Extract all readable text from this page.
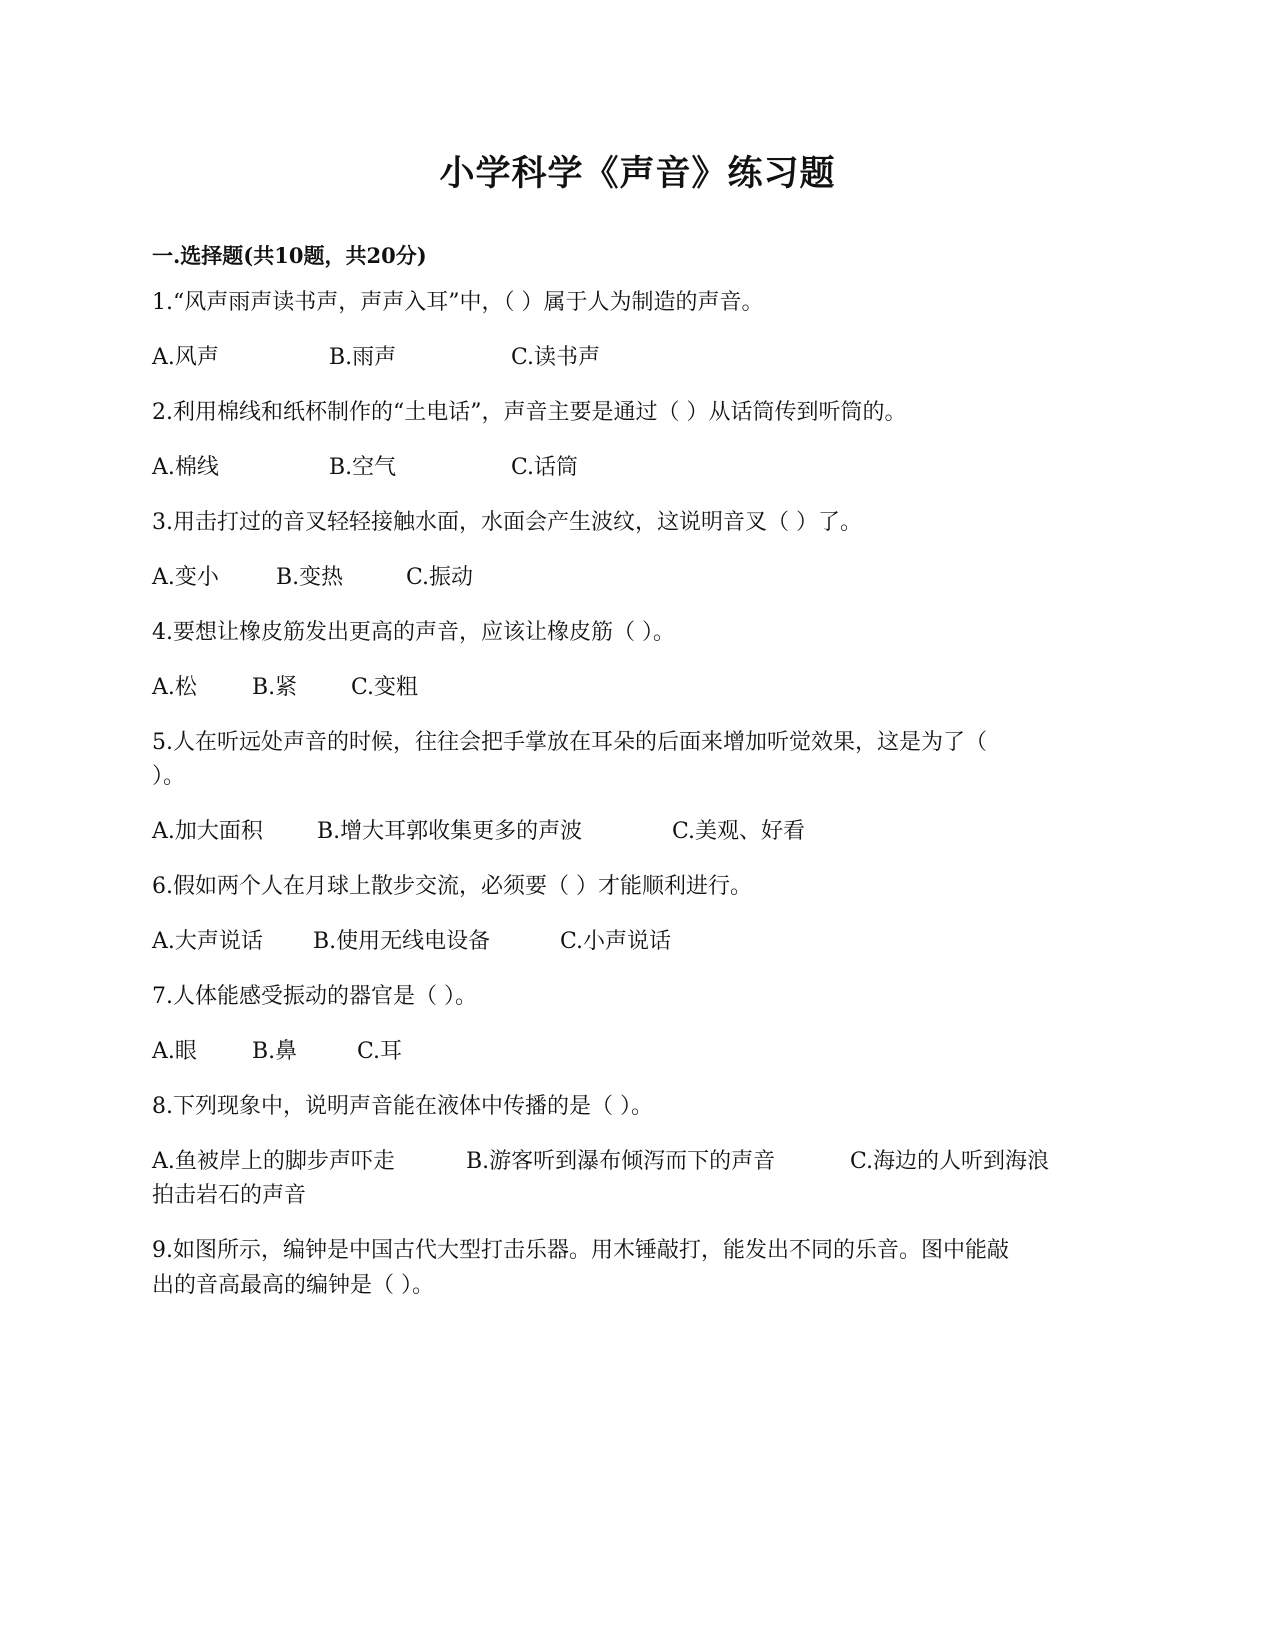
小学科学《声音》练习题
一.选择题(共10题，共20分)
1.“风声雨声读书声，声声入耳”中，（ ）属于人为制造的声音。
A.风声	B.雨声	C.读书声
2.利用棉线和纸杯制作的“土电话”，声音主要是通过（ ）从话筒传到听筒的。
A.棉线	B.空气	C.话筒
3.用击打过的音叉轻轻接触水面，水面会产生波纹，这说明音叉（ ）了。
A.变小	B.变热	C.振动
4.要想让橡皮筋发出更高的声音，应该让橡皮筋（ ）。
A.松	B.紧 C.变粗
5.人在听远处声音的时候，往往会把手掌放在耳朵的后面来增加听觉效果，这是为了（
）。
A.加大面积 B.增大耳郭收集更多的声波	C.美观、好看
6.假如两个人在月球上散步交流，必须要（ ）才能顺利进行。
A.大声说话 B.使用无线电设备	C.小声说话
7.人体能感受振动的器官是（ ）。
A.眼	B.鼻	C.耳
8.下列现象中，说明声音能在液体中传播的是（ ）。
A.鱼被岸上的脚步声吓走	B.游客听到瀑布倾泻而下的声音	C.海边的人听到海浪
拍击岩石的声音
9.如图所示，编钟是中国古代大型打击乐器。用木锤敲打，能发出不同的乐音。图中能敲
出的音高最高的编钟是（ ）。
